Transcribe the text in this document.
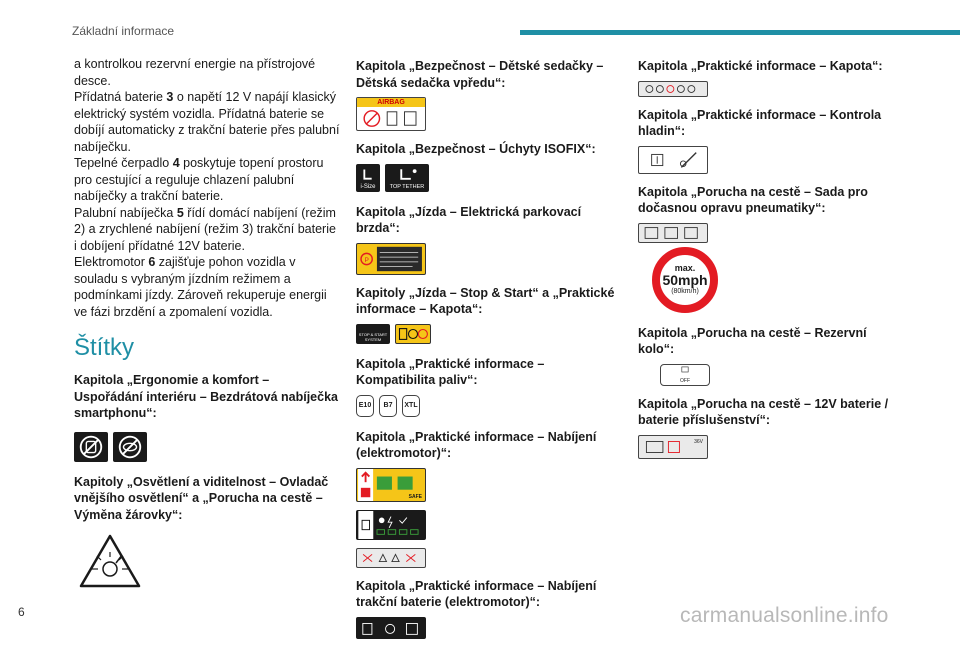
Základní informace

a kontrolkou rezervní energie na přístrojové desce.

Přídatná baterie 3 o napětí 12 V napájí klasický elektrický systém vozidla. Přídatná baterie se dobíjí automaticky z trakční baterie přes palubní nabíječku.

Tepelné čerpadlo 4 poskytuje topení prostoru pro cestující a reguluje chlazení palubní nabíječky a trakční baterie.

Palubní nabíječka 5 řídí domácí nabíjení (režim 2) a zrychlené nabíjení (režim 3) trakční baterie i dobíjení přídatné 12V baterie.

Elektromotor 6 zajišťuje pohon vozidla v souladu s vybraným jízdním režimem a podmínkami jízdy. Zároveň rekuperuje energii ve fázi brzdění a zpomalení vozidla.

Štítky

Kapitola „Ergonomie a komfort – Uspořádání interiéru – Bezdrátová nabíječka smartphonu“:

Kapitoly „Osvětlení a viditelnost – Ovladač vnějšího osvětlení“ a „Porucha na cestě – Výměna žárovky“:

Kapitola „Bezpečnost – Dětské sedačky – Dětská sedačka vpředu“:

AIRBAG

Kapitola „Bezpečnost – Úchyty ISOFIX“:

i-Size	TOP TETHER

Kapitola „Jízda – Elektrická parkovací brzda“:

P

Kapitoly „Jízda – Stop & Start“ a „Praktické informace – Kapota“:

STOP & START SYSTEM

Kapitola „Praktické informace – Kompatibilita paliv“:

E10	B7	XTL

Kapitola „Praktické informace – Nabíjení (elektromotor)“:

SAFE

Kapitola „Praktické informace – Nabíjení trakční baterie (elektromotor)“:

Kapitola „Praktické informace – Kapota“:

Kapitola „Praktické informace – Kontrola hladin“:

Kapitola „Porucha na cestě – Sada pro dočasnou opravu pneumatiky“:

max.
50mph
(80km/h)

Kapitola „Porucha na cestě – Rezervní kolo“:

OFF

Kapitola „Porucha na cestě – 12V baterie / baterie příslušenství“:

36V
6	carmanualsonline.info
